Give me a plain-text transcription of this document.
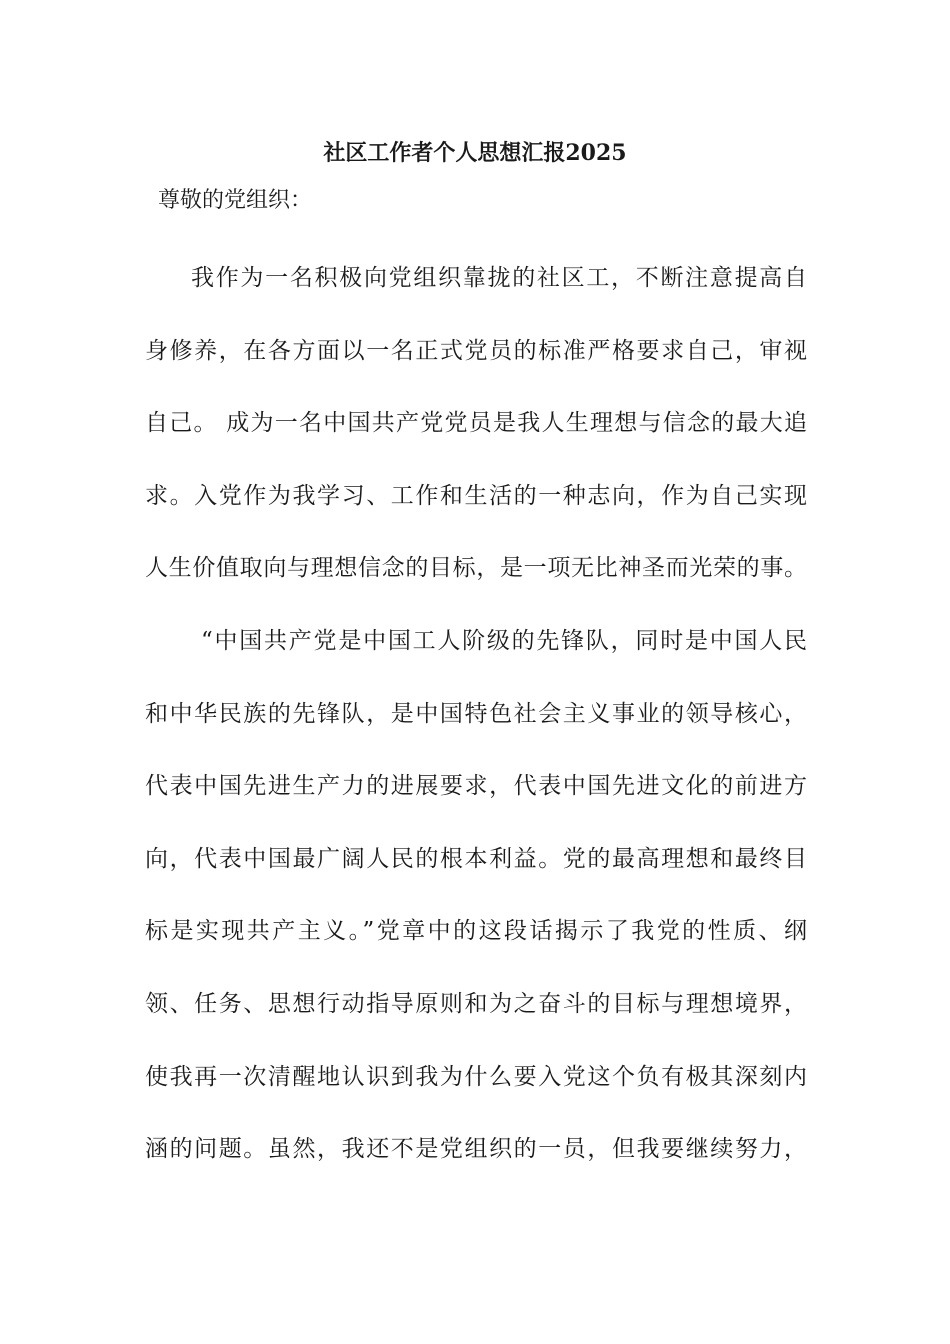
社区工作者个人思想汇报2025

尊敬的党组织：

我作为一名积极向党组织靠拢的社区工，不断注意提高自

身修养，在各方面以一名正式党员的标准严格要求自己，审视

自己。 成为一名中国共产党党员是我人生理想与信念的最大追

求。入党作为我学习、工作和生活的一种志向，作为自己实现

人生价值取向与理想信念的目标，是一项无比神圣而光荣的事。

“中国共产党是中国工人阶级的先锋队，同时是中国人民

和中华民族的先锋队，是中国特色社会主义事业的领导核心，

代表中国先进生产力的进展要求，代表中国先进文化的前进方

向，代表中国最广阔人民的根本利益。党的最高理想和最终目

标是实现共产主义。”党章中的这段话揭示了我党的性质、纲

领、任务、思想行动指导原则和为之奋斗的目标与理想境界，

使我再一次清醒地认识到我为什么要入党这个负有极其深刻内

涵的问题。虽然，我还不是党组织的一员，但我要继续努力，
